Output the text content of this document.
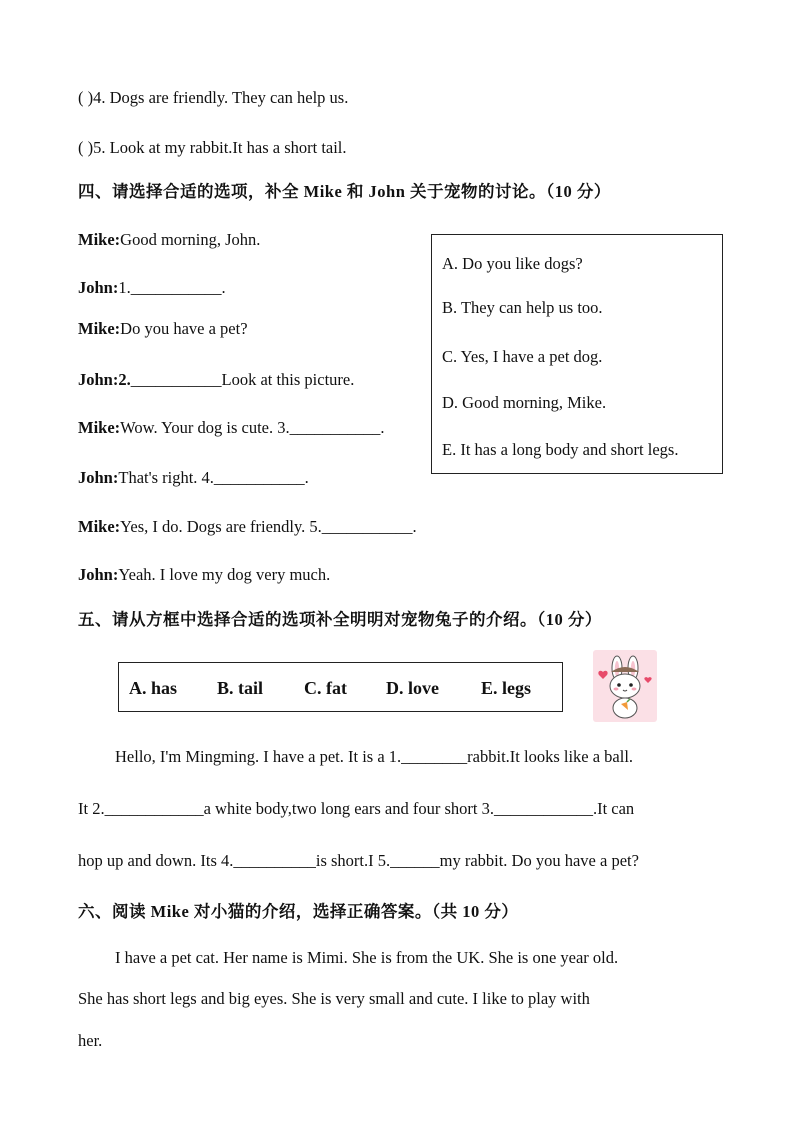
( )4. Dogs are friendly. They can help us.
( )5. Look at my rabbit.It has a short tail.
四、请选择合适的选项，补全 Mike 和 John 关于宠物的讨论。（10 分）
Mike:Good morning, John.
John:1.___________.
Mike:Do you have a pet?
John:2.___________Look at this picture.
Mike:Wow. Your dog is cute. 3.___________.
John:That's right. 4.___________.
Mike:Yes, I do. Dogs are friendly. 5.___________.
John:Yeah. I love my dog very much.
A. Do you like dogs?
B. They can help us too.
C. Yes, I have a pet dog.
D. Good morning, Mike.
E. It has a long body and short legs.
五、请从方框中选择合适的选项补全明明对宠物兔子的介绍。（10 分）
A. has B. tail C. fat D. love E. legs
Hello, I'm Mingming. I have a pet. It is a 1.________rabbit.It looks like a ball.
It 2.____________a white body,two long ears and four short 3.____________.It can
hop up and down. Its 4.__________is short.I 5.______my rabbit. Do you have a pet?
六、阅读 Mike 对小猫的介绍，选择正确答案。（共 10 分）
I have a pet cat. Her name is Mimi. She is from the UK. She is one year old.
She has short legs and big eyes. She is very small and cute. I like to play with
her.
